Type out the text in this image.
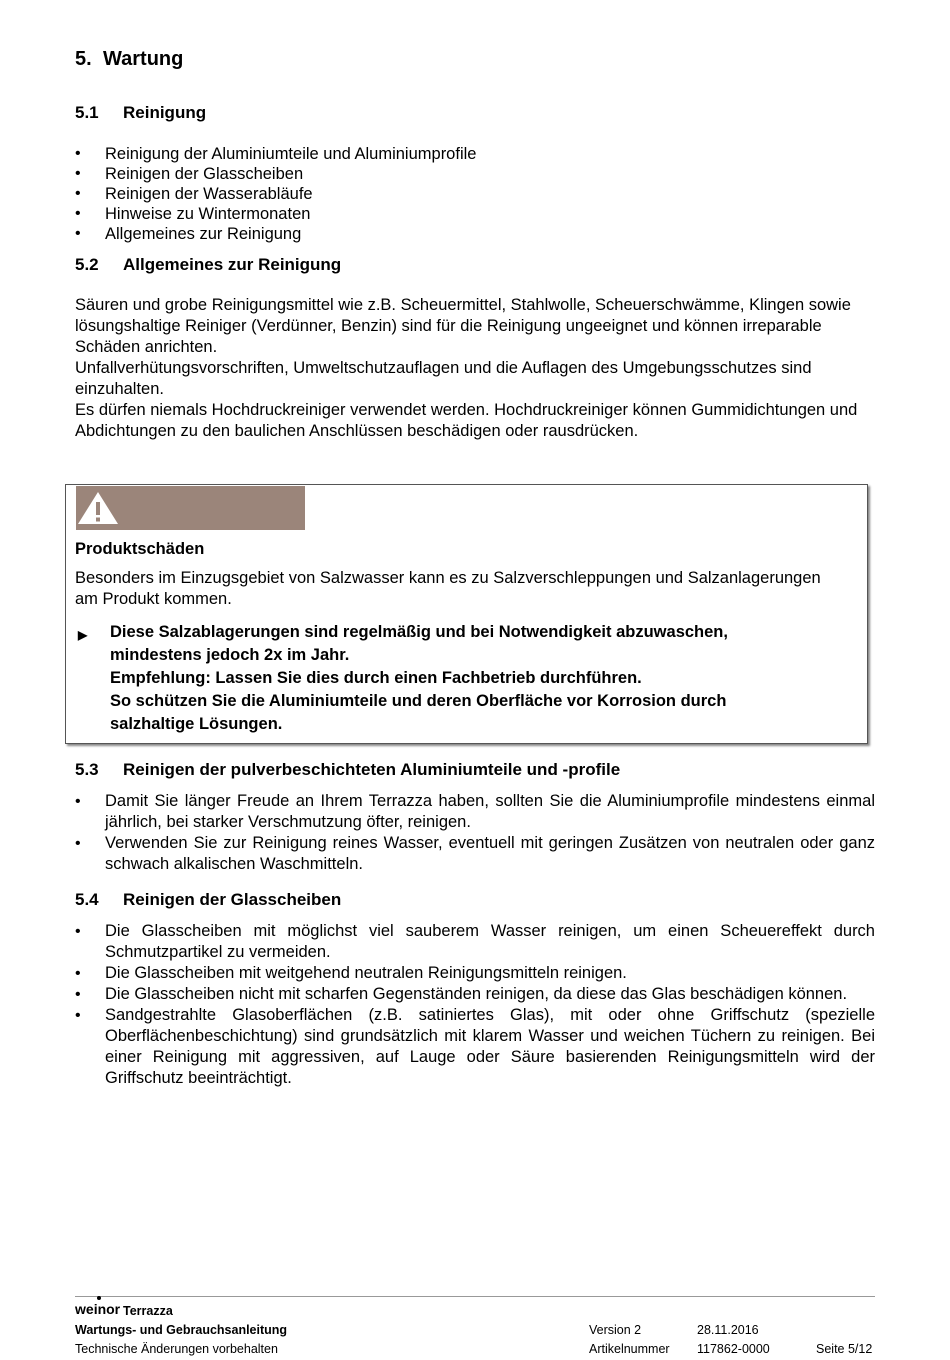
5. Wartung
5.1 Reinigung
• Reinigung der Aluminiumteile und Aluminiumprofile
• Reinigen der Glasscheiben
• Reinigen der Wasserabläufe
• Hinweise zu Wintermonaten
• Allgemeines zur Reinigung
5.2 Allgemeines zur Reinigung

Säuren und grobe Reinigungsmittel wie z.B. Scheuermittel, Stahlwolle, Scheuerschwämme, Klingen sowie lösungshaltige Reiniger (Verdünner, Benzin) sind für die Reinigung ungeeignet und können irreparable Schäden anrichten.

Unfallverhütungsvorschriften, Umweltschutzauflagen und die Auflagen des Umgebungsschutzes sind einzuhalten.

Es dürfen niemals Hochdruckreiniger verwendet werden. Hochdruckreiniger können Gummidichtungen und Abdichtungen zu den baulichen Anschlüssen beschädigen oder rausdrücken.

Produktschäden
Besonders im Einzugsgebiet von Salzwasser kann es zu Salzverschleppungen und Salzanlagerungen am Produkt kommen.
▶ Diese Salzablagerungen sind regelmäßig und bei Notwendigkeit abzuwaschen,
mindestens jedoch 2x im Jahr.
Empfehlung: Lassen Sie dies durch einen Fachbetrieb durchführen.
So schützen Sie die Aluminiumteile und deren Oberfläche vor Korrosion durch
salzhaltige Lösungen.
5.3 Reinigen der pulverbeschichteten Aluminiumteile und -profile
• Damit Sie länger Freude an Ihrem Terrazza haben, sollten Sie die Aluminiumprofile mindestens einmal jährlich, bei starker Verschmutzung öfter, reinigen.
• Verwenden Sie zur Reinigung reines Wasser, eventuell mit geringen Zusätzen von neutralen oder ganz schwach alkalischen Waschmitteln.
5.4 Reinigen der Glasscheiben
• Die Glasscheiben mit möglichst viel sauberem Wasser reinigen, um einen Scheuereffekt durch Schmutzpartikel zu vermeiden.
• Die Glasscheiben mit weitgehend neutralen Reinigungsmitteln reinigen.
• Die Glasscheiben nicht mit scharfen Gegenständen reinigen, da diese das Glas beschädigen können.
• Sandgestrahlte Glasoberflächen (z.B. satiniertes Glas), mit oder ohne Griffschutz (spezielle Oberflächenbeschichtung) sind grundsätzlich mit klarem Wasser und weichen Tüchern zu reinigen. Bei einer Reinigung mit aggressiven, auf Lauge oder Säure basierenden Reinigungsmitteln wird der Griffschutz beeinträchtigt.
weinor Terrazza
Wartungs- und Gebrauchsanleitung
Technische Änderungen vorbehalten
Version 2	28.11.2016
Artikelnummer 117862-0000	Seite 5/12
